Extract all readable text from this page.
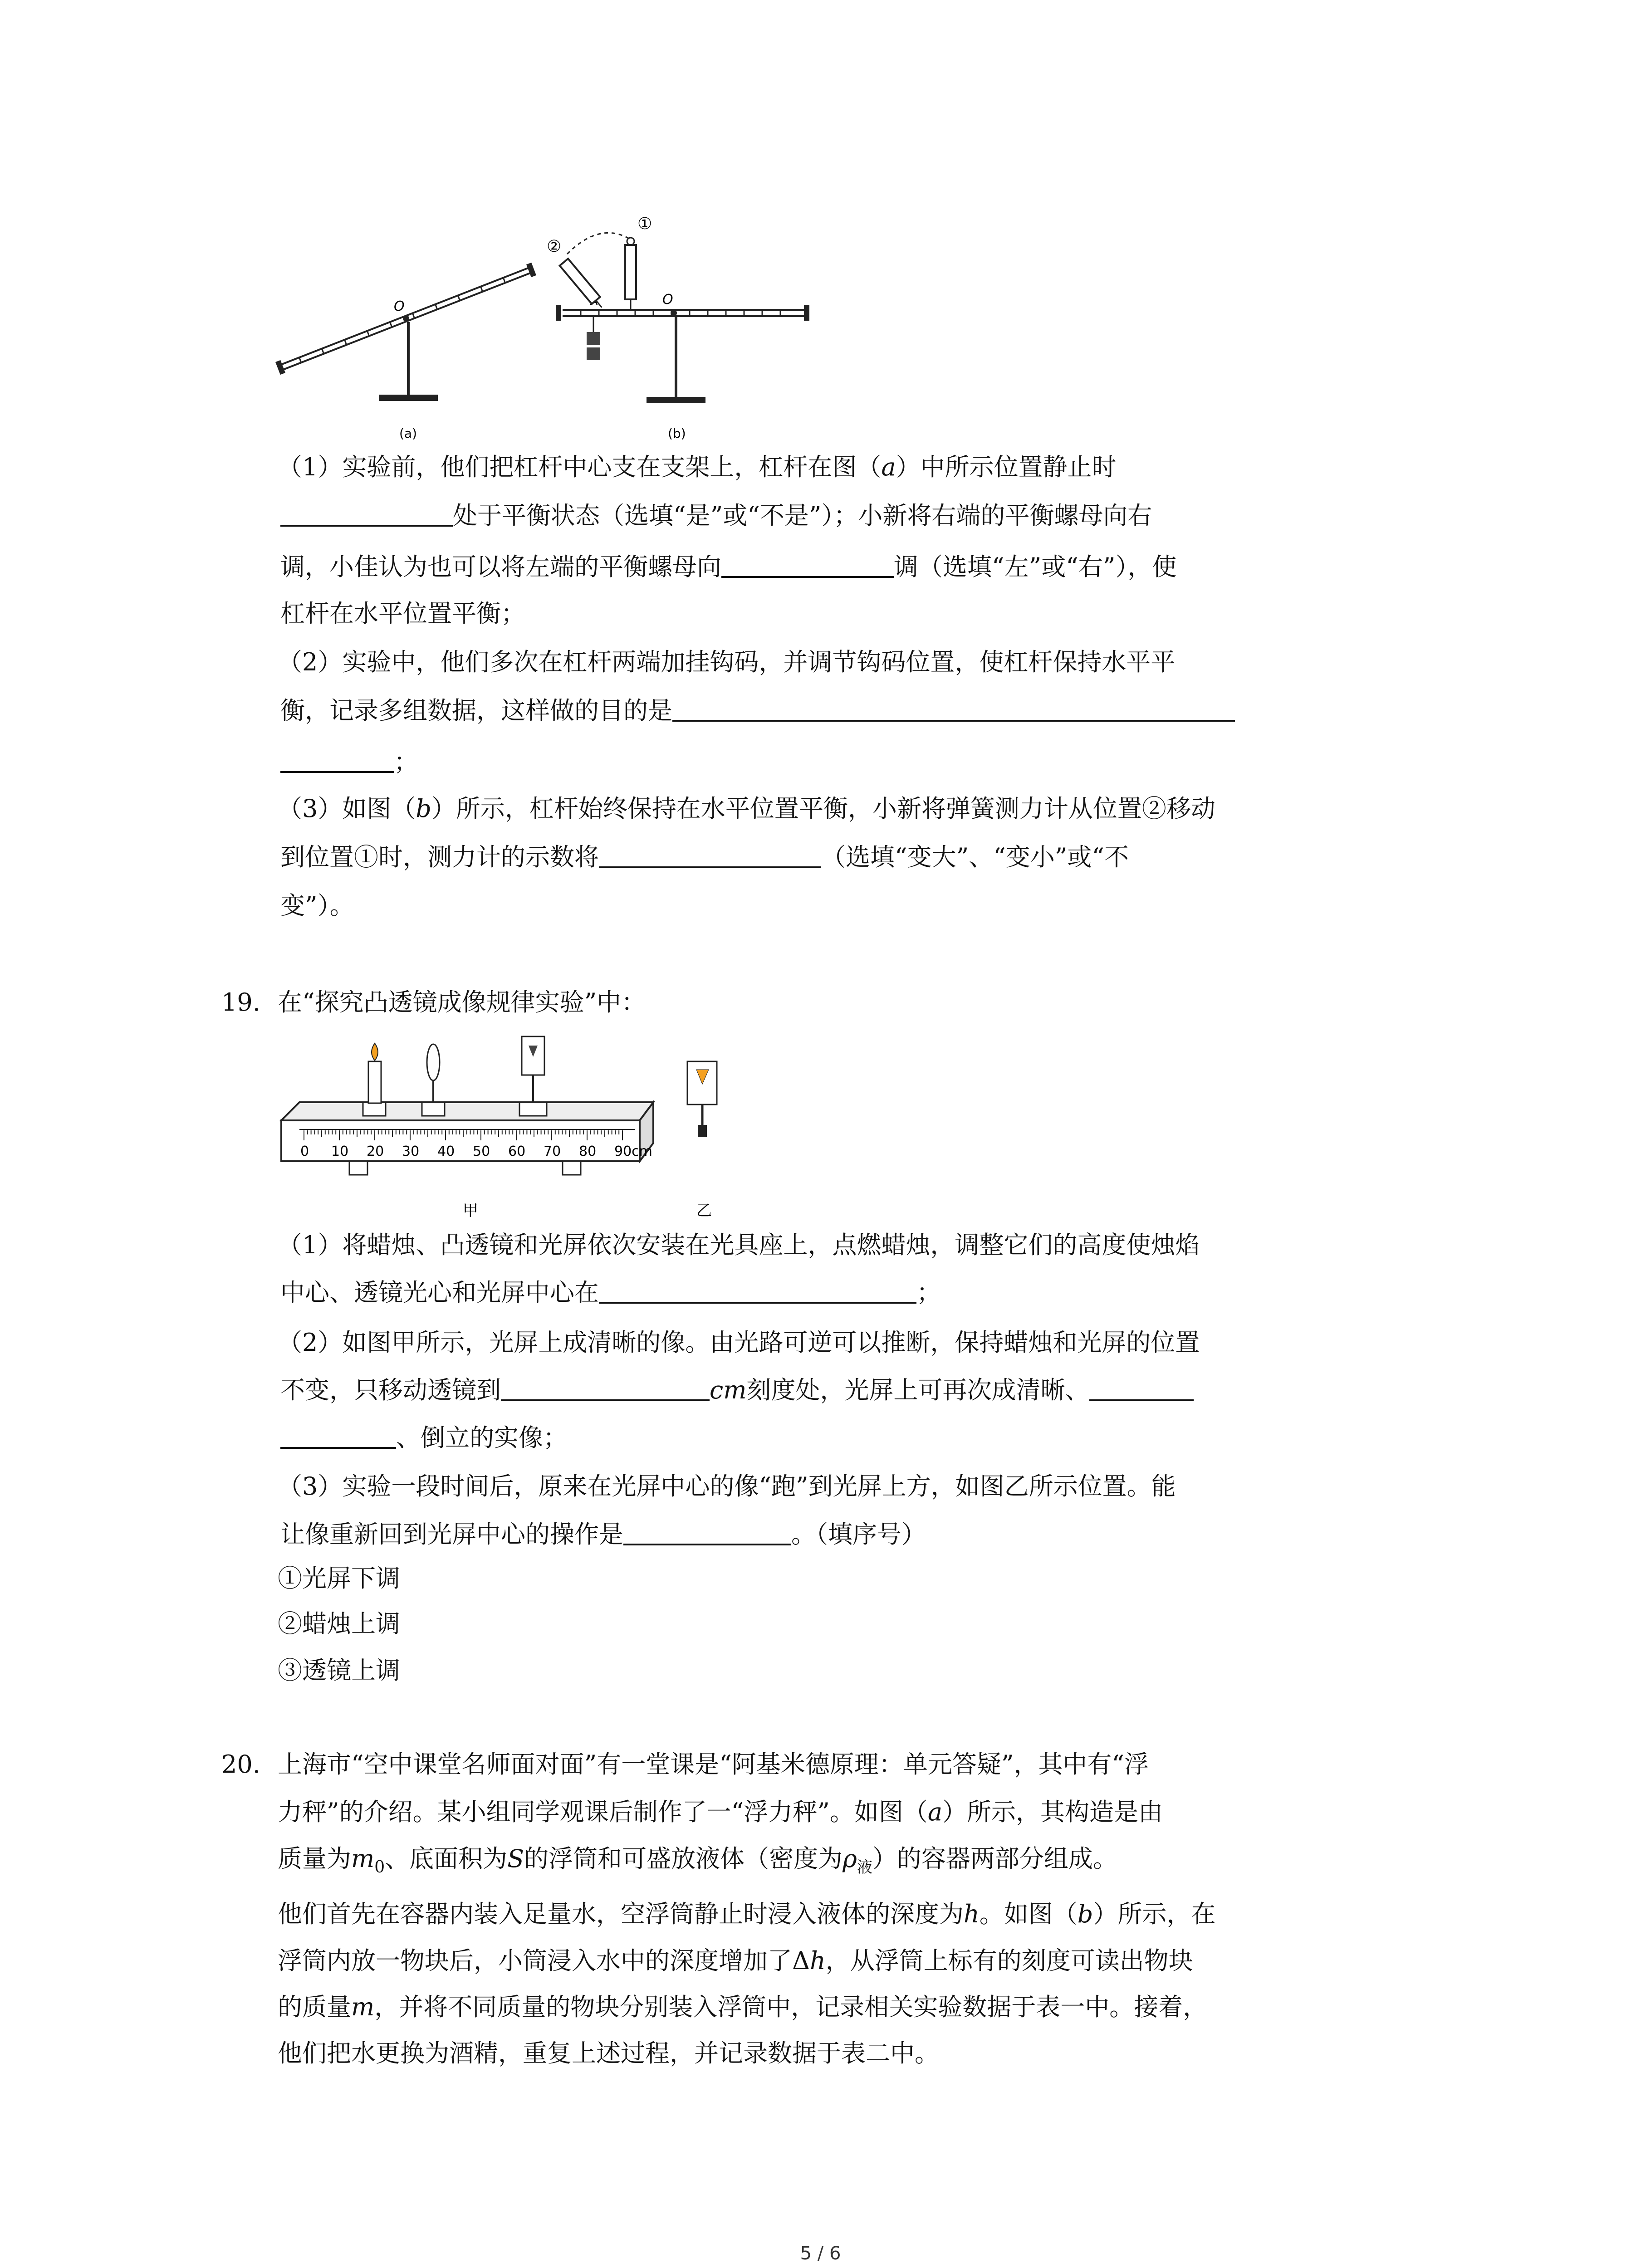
O
(a)
O
②
①
(b)
（1）实验前，他们把杠杆中心支在支架上，杠杆在图（a）中所示位置静止时
处于平衡状态（选填“是”或“不是”）；小新将右端的平衡螺母向右
调，小佳认为也可以将左端的平衡螺母向	调（选填“左”或“右”），使
杠杆在水平位置平衡；
（2）实验中，他们多次在杠杆两端加挂钩码，并调节钩码位置，使杠杆保持水平平
衡，记录多组数据，这样做的目的是
；
（3）如图（b）所示，杠杆始终保持在水平位置平衡，小新将弹簧测力计从位置②移动
到位置①时，测力计的示数将	（选填“变大”、“变小”或“不
变”）。
19. 在“探究凸透镜成像规律实验”中：
0 10 20 30 40 50 60 70 80 90cm
甲	乙
（1）将蜡烛、凸透镜和光屏依次安装在光具座上，点燃蜡烛，调整它们的高度使烛焰
中心、透镜光心和光屏中心在	；
（2）如图甲所示，光屏上成清晰的像。由光路可逆可以推断，保持蜡烛和光屏的位置
不变，只移动透镜到	cm刻度处，光屏上可再次成清晰、
、倒立的实像；
（3）实验一段时间后，原来在光屏中心的像“跑”到光屏上方，如图乙所示位置。能
让像重新回到光屏中心的操作是	。（填序号）
①光屏下调
②蜡烛上调
③透镜上调
20. 上海市“空中课堂名师面对面”有一堂课是“阿基米德原理：单元答疑”，其中有“浮
力秤”的介绍。某小组同学观课后制作了一“浮力秤”。如图（a）所示，其构造是由
质量为$m_0$、底面积为S的浮筒和可盛放液体（密度为$\rho_液$）的容器两部分组成。
他们首先在容器内装入足量水，空浮筒静止时浸入液体的深度为h。如图（b）所示，在
浮筒内放一物块后，小筒浸入水中的深度增加了Δh，从浮筒上标有的刻度可读出物块
的质量m，并将不同质量的物块分别装入浮筒中，记录相关实验数据于表一中。接着，
他们把水更换为酒精，重复上述过程，并记录数据于表二中。
5 / 6
